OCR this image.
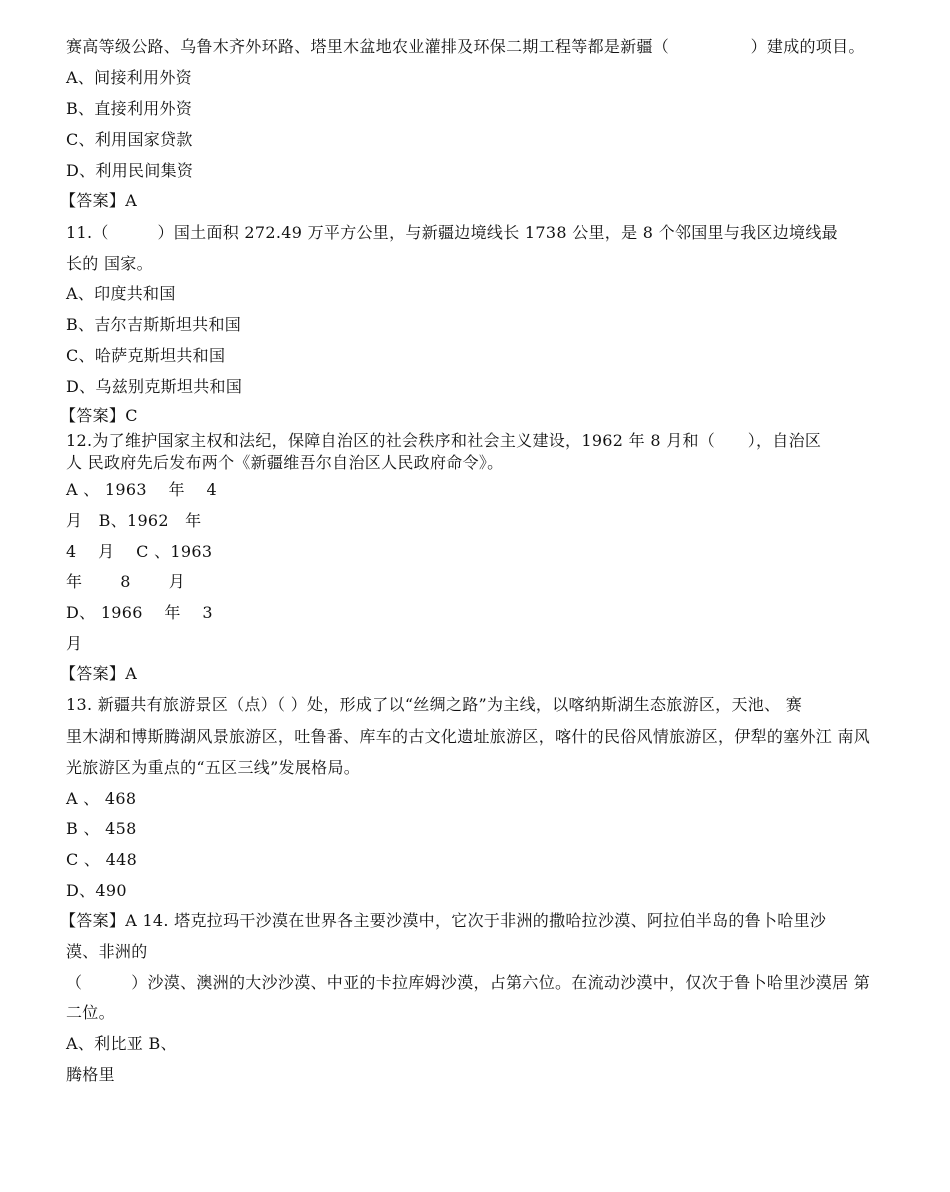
赛高等级公路、乌鲁木齐外环路、塔里木盆地农业灌排及环保二期工程等都是新疆（　　　　　）建成的项目。
A、间接利用外资
B、直接利用外资
C、利用国家贷款
D、利用民间集资
【答案】A
11.（　　　）国土面积 272.49 万平方公里，与新疆边境线长 1738 公里，是 8 个邻国里与我区边境线最
长的 国家。
A、印度共和国
B、吉尔吉斯斯坦共和国
C、哈萨克斯坦共和国
D、乌兹别克斯坦共和国
【答案】C
12.为了维护国家主权和法纪，保障自治区的社会秩序和社会主义建设，1962 年 8 月和（　　），自治区
人 民政府先后发布两个《新疆维吾尔自治区人民政府命令》。
A 、 1963　 年　 4
月　B、1962　年
4　 月　 C 、1963
年　　 8　　 月
D、 1966　 年　 3
月
【答案】A
13. 新疆共有旅游景区（点）（ ）处，形成了以“丝绸之路”为主线，以喀纳斯湖生态旅游区，天池、 赛
里木湖和博斯腾湖风景旅游区，吐鲁番、库车的古文化遗址旅游区，喀什的民俗风情旅游区，伊犁的塞外江 南风
光旅游区为重点的“五区三线”发展格局。
A 、 468
B 、 458
C 、 448
D、490
【答案】A 14. 塔克拉玛干沙漠在世界各主要沙漠中，它次于非洲的撒哈拉沙漠、阿拉伯半岛的鲁卜哈里沙
漠、非洲的
（　　　）沙漠、澳洲的大沙沙漠、中亚的卡拉库姆沙漠，占第六位。在流动沙漠中，仅次于鲁卜哈里沙漠居 第
二位。
A、利比亚 B、
腾格里
